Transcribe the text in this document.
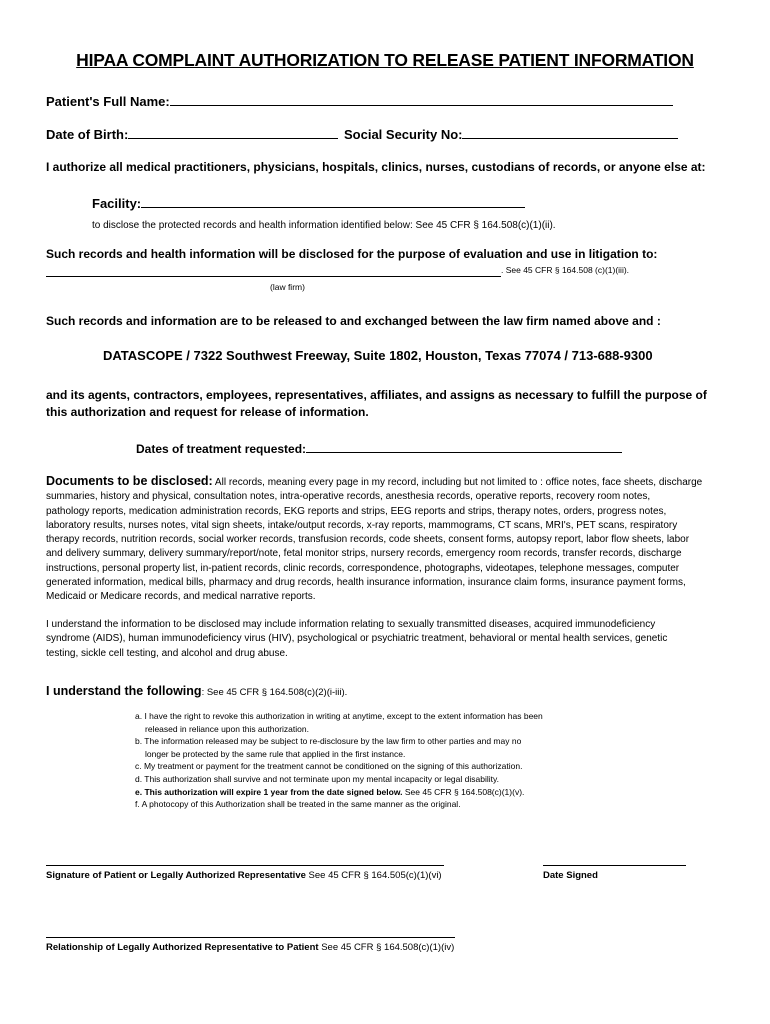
HIPAA COMPLAINT AUTHORIZATION TO RELEASE PATIENT INFORMATION
Patient's Full Name:
Date of Birth:	Social Security No:
I authorize all medical practitioners, physicians, hospitals, clinics, nurses, custodians of records, or anyone else at:
Facility:
to disclose the protected records and health information identified below: See 45 CFR § 164.508(c)(1)(ii).
Such records and health information will be disclosed for the purpose of evaluation and use in litigation to:
. See 45 CFR § 164.508 (c)(1)(iii).
(law firm)
Such records and information are to be released to and exchanged between the law firm named above and :
DATASCOPE / 7322 Southwest Freeway, Suite 1802, Houston, Texas 77074 / 713-688-9300
and its agents, contractors, employees, representatives, affiliates, and assigns as necessary to fulfill the purpose of
this authorization and request for release of information.
Dates of treatment requested:
Documents to be disclosed: All records, meaning every page in my record, including but not limited to : office notes, face sheets, discharge
summaries, history and physical, consultation notes, intra-operative records, anesthesia records, operative reports, recovery room notes,
pathology reports, medication administration records, EKG reports and strips, EEG reports and strips, therapy notes, orders, progress notes,
laboratory results, nurses notes, vital sign sheets, intake/output records, x-ray reports, mammograms, CT scans, MRI's, PET scans, respiratory
therapy records, nutrition records, social worker records, transfusion records, code sheets, consent forms, autopsy report, labor flow sheets, labor
and delivery summary, delivery summary/report/note, fetal monitor strips, nursery records, emergency room records, transfer records, discharge
instructions, personal property list, in-patient records, clinic records, correspondence, photographs, videotapes, telephone messages, computer
generated information, medical bills, pharmacy and drug records, health insurance information, insurance claim forms, insurance payment forms,
Medicaid or Medicare records, and medical narrative reports.
I understand the information to be disclosed may include information relating to sexually transmitted diseases, acquired immunodeficiency
syndrome (AIDS), human immunodeficiency virus (HIV), psychological or psychiatric treatment, behavioral or mental health services, genetic
testing, sickle cell testing, and alcohol and drug abuse.
I understand the following: See 45 CFR § 164.508(c)(2)(i-iii).
a. I have the right to revoke this authorization in writing at anytime, except to the extent information has been
released in reliance upon this authorization.
b. The information released may be subject to re-disclosure by the law firm to other parties and may no
longer be protected by the same rule that applied in the first instance.
c. My treatment or payment for the treatment cannot be conditioned on the signing of this authorization.
d. This authorization shall survive and not terminate upon my mental incapacity or legal disability.
e. This authorization will expire 1 year from the date signed below. See 45 CFR § 164.508(c)(1)(v).
f. A photocopy of this Authorization shall be treated in the same manner as the original.
Signature of Patient or Legally Authorized Representative See 45 CFR § 164.505(c)(1)(vi)	Date Signed
Relationship of Legally Authorized Representative to Patient See 45 CFR § 164.508(c)(1)(iv)
